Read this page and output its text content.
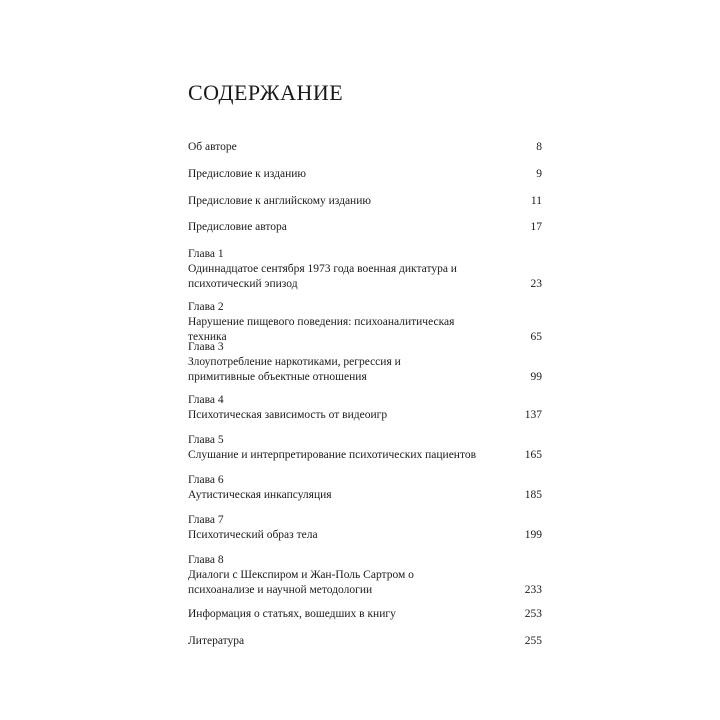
СОДЕРЖАНИЕ
Об авторе	8
Предисловие к изданию	9
Предисловие к английскому изданию	11
Предисловие автора	17
Глава 1
Одиннадцатое сентября 1973 года военная диктатура и психотический эпизод	23
Глава 2
Нарушение пищевого поведения: психоаналитическая техника	65
Глава 3
Злоупотребление наркотиками, регрессия и примитивные объектные отношения	99
Глава 4
Психотическая зависимость от видеоигр	137
Глава 5
Слушание и интерпретирование психотических пациентов	165
Глава 6
Аутистическая инкапсуляция	185
Глава 7
Психотический образ тела	199
Глава 8
Диалоги с Шекспиром и Жан-Поль Сартром о психоанализе и научной методологии	233
Информация о статьях, вошедших в книгу	253
Литература	255
